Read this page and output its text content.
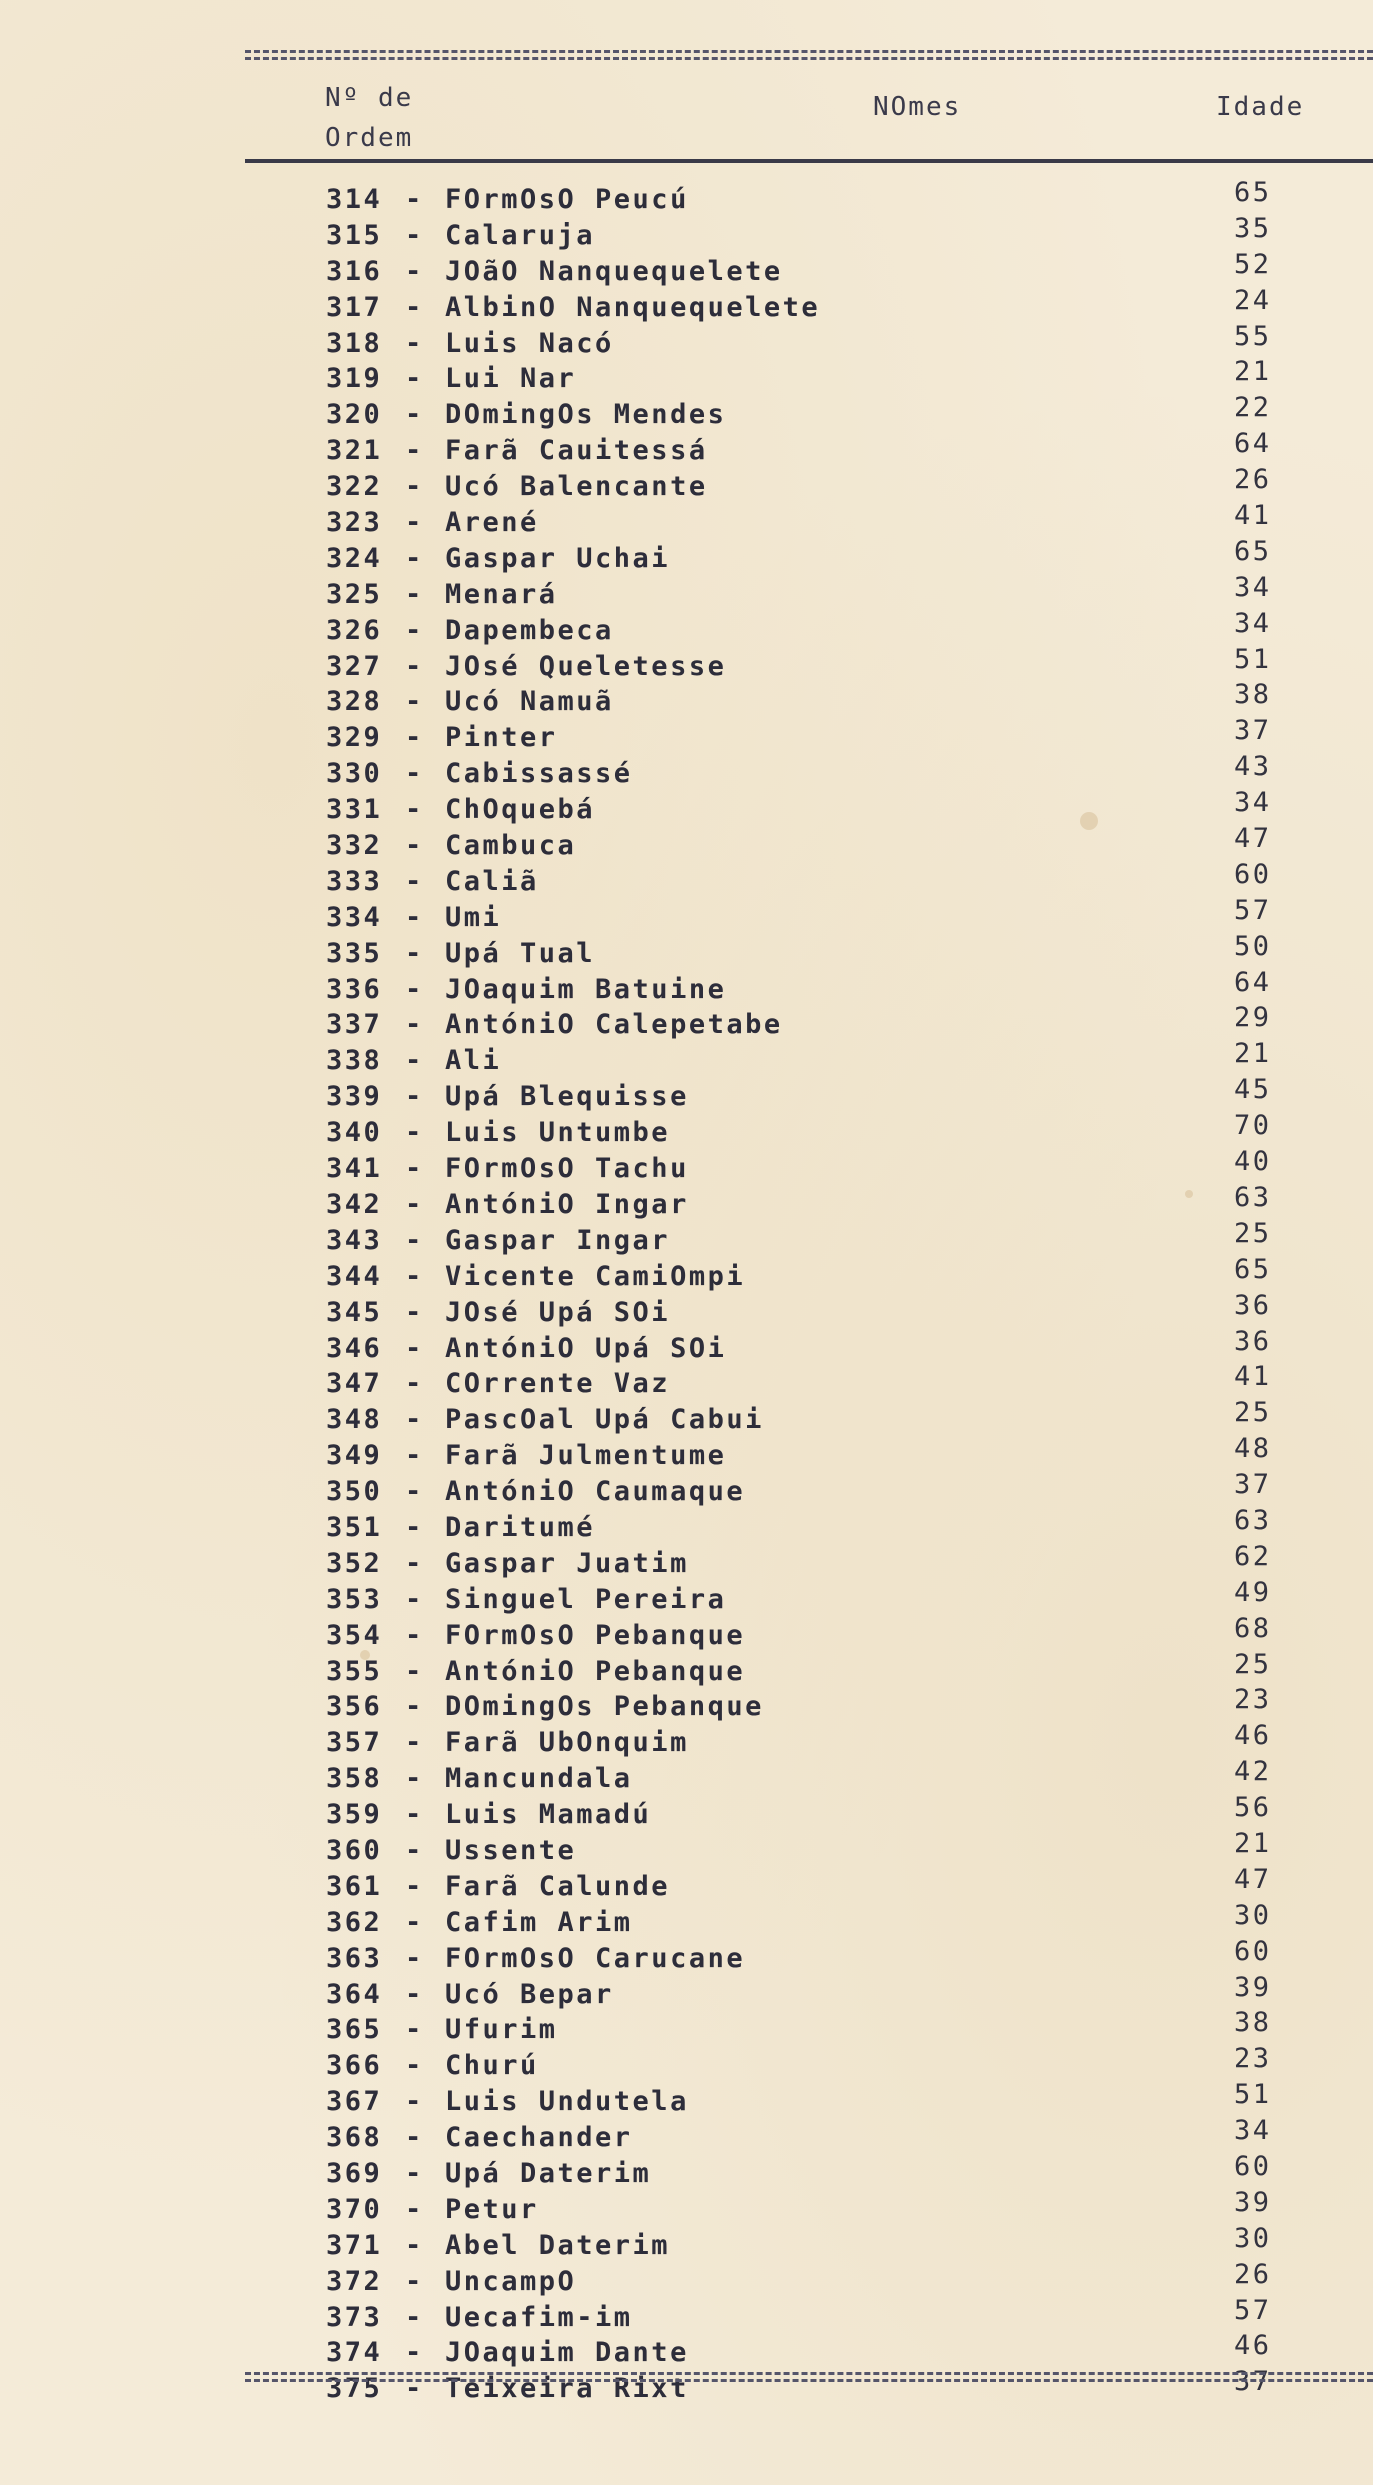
Nº de
Ordem
NOmes	Idade
314 - FOrmOsO Peucú	65
315 - Calaruja	35
316 - JOãO Nanquequelete	52
317 - AlbinO Nanquequelete	24
318 - Luis Nacó	55
319 - Lui Nar	21
320 - DOmingOs Mendes	22
321 - Farã Cauitessá	64
322 - Ucó Balencante	26
323 - Arené	41
324 - Gaspar Uchai	65
325 - Menará	34
326 - Dapembeca	34
327 - JOsé Queletesse	51
328 - Ucó Namuã	38
329 - Pinter	37
330 - Cabissassé	43
331 - ChOquebá	34
332 - Cambuca	47
333 - Caliã	60
334 - Umi	57
335 - Upá Tual	50
336 - JOaquim Batuine	64
337 - AntóniO Calepetabe	29
338 - Ali	21
339 - Upá Blequisse	45
340 - Luis Untumbe	70
341 - FOrmOsO Tachu	40
342 - AntóniO Ingar	63
343 - Gaspar Ingar	25
344 - Vicente CamiOmpi	65
345 - JOsé Upá SOi	36
346 - AntóniO Upá SOi	36
347 - COrrente Vaz	41
348 - PascOal Upá Cabui	25
349 - Farã Julmentume	48
350 - AntóniO Caumaque	37
351 - Daritumé	63
352 - Gaspar Juatim	62
353 - Singuel Pereira	49
354 - FOrmOsO Pebanque	68
355 - AntóniO Pebanque	25
356 - DOmingOs Pebanque	23
357 - Farã UbOnquim	46
358 - Mancundala	42
359 - Luis Mamadú	56
360 - Ussente	21
361 - Farã Calunde	47
362 - Cafim Arim	30
363 - FOrmOsO Carucane	60
364 - Ucó Bepar	39
365 - Ufurim	38
366 - Churú	23
367 - Luis Undutela	51
368 - Caechander	34
369 - Upá Daterim	60
370 - Petur	39
371 - Abel Daterim	30
372 - UncampO	26
373 - Uecafim-im	57
374 - JOaquim Dante	46
375 - Teixeira Rixt	37
